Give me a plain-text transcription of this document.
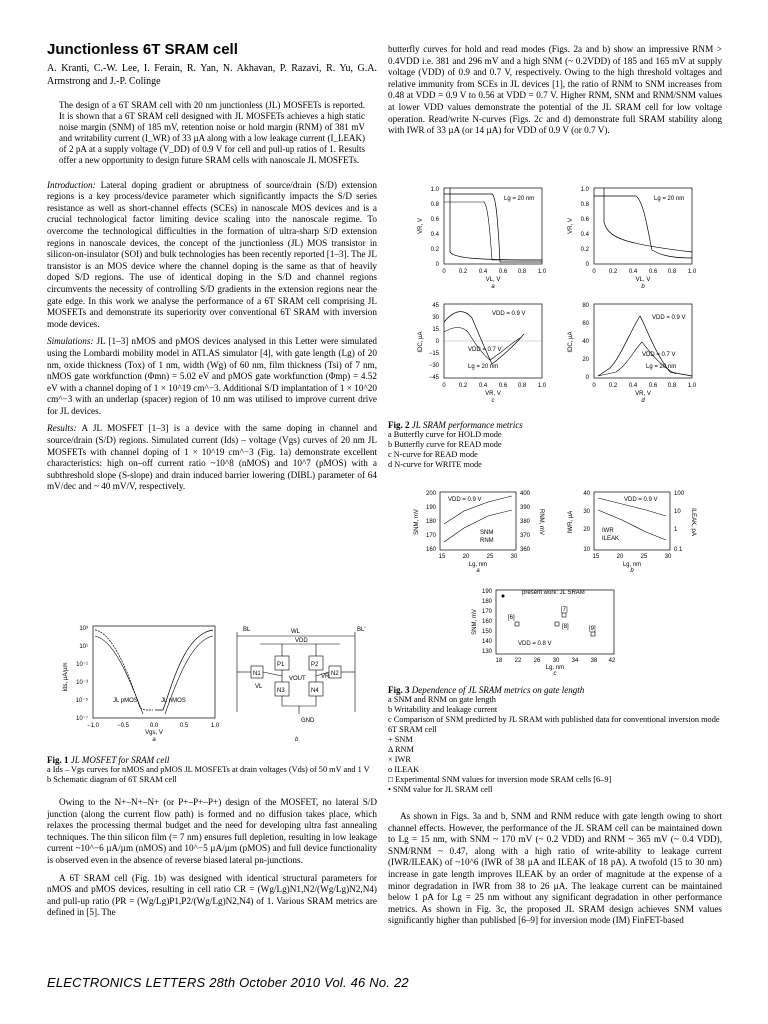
Junctionless 6T SRAM cell
A. Kranti, C.-W. Lee, I. Ferain, R. Yan, N. Akhavan, P. Razavi, R. Yu, G.A. Armstrong and J.-P. Colinge
The design of a 6T SRAM cell with 20 nm junctionless (JL) MOSFETs is reported. It is shown that a 6T SRAM cell designed with JL MOSFETs achieves a high static noise margin (SNM) of 185 mV, retention noise or hold margin (RNM) of 381 mV and writability current (I_WR) of 33 µA along with a low leakage current (I_LEAK) of 2 pA at a supply voltage (V_DD) of 0.9 V for cell and pull-up ratios of 1. Results offer a new opportunity to design future SRAM cells with nanoscale JL MOSFETs.

Introduction: Lateral doping gradient or abruptness of source/drain (S/D) extension regions is a key process/device parameter which significantly impacts the S/D series resistance as well as short-channel effects (SCEs) in nanoscale MOS devices and is a crucial technological factor limiting device scaling into the nanoscale regime. To overcome the technological difficulties in the formation of ultra-sharp S/D extension regions in nanoscale devices, the concept of the junctionless (JL) MOS transistor in silicon-on-insulator (SOI) and bulk technologies has been recently reported [1–3]. The JL transistor is an MOS device where the channel doping is the same as that of heavily doped S/D regions. The use of identical doping in the S/D and channel regions circumvents the necessity of controlling S/D gradients in the extension regions near the gate edge. In this work we analyse the performance of a 6T SRAM cell comprising JL MOSFETs and demonstrate its superiority over conventional 6T SRAM with inversion mode devices.

Simulations: JL [1–3] nMOS and pMOS devices analysed in this Letter were simulated using the Lombardi mobility model in ATLAS simulator [4], with gate length (Lg) of 20 nm, oxide thickness (Tox) of 1 nm, width (Wg) of 60 nm, film thickness (Tsi) of 7 nm, nMOS gate workfunction (Φmn) = 5.02 eV and pMOS gate workfunction (Φmp) = 4.52 eV with a channel doping of 1 × 10^19 cm^−3. Additional S/D implantation of 1 × 10^20 cm^−3 with an underlap (spacer) region of 10 nm was utilised to improve current drive for JL devices.

Results: A JL MOSFET [1–3] is a device with the same doping in channel and source/drain (S/D) regions. Simulated current (Ids) – voltage (Vgs) curves of 20 nm JL MOSFETs with channel doping of 1 × 10^19 cm^−3 (Fig. 1a) demonstrate excellent characteristics: high on–off current ratio ~10^8 (nMOS) and 10^7 (pMOS) with a subthreshold slope (S-slope) and drain induced barrier lowering (DIBL) parameter of 64 mV/dec and ~ 40 mV/V, respectively.

10³
10¹
10⁻¹
10⁻³
10⁻⁵
10⁻⁷
−1.0	−0.5	0.0	0.5	1.0
Ids, µA/µm
Vgs, V
a
JL pMOS	JL nMOS
BL	BL'
WL
VDD
P1	P2
N3	N4
N1	N2
VL
VR
VOUT
GND
b
Fig. 1 JL MOSFET for SRAM cell
a Ids – Vgs curves for nMOS and pMOS JL MOSFETs at drain voltages (Vds) of 50 mV and 1 V
b Schematic diagram of 6T SRAM cell

Owing to the N+–N+–N+ (or P+–P+–P+) design of the MOSFET, no lateral S/D junction (along the current flow path) is formed and no diffusion takes place, which relaxes the processing thermal budget and the need for developing ultra fast annealing techniques. The thin silicon film (= 7 nm) ensures full depletion, resulting in low leakage current ~10^−6 µA/µm (nMOS) and 10^−5 µA/µm (pMOS) and full device functionality is observed even in the absence of reverse biased lateral pn-junctions.

A 6T SRAM cell (Fig. 1b) was designed with identical structural parameters for nMOS and pMOS devices, resulting in cell ratio CR = (Wg/Lg)N1,N2/(Wg/Lg)N2,N4) and pull-up ratio (PR = (Wg/Lg)P1,P2/(Wg/Lg)N2,N4) of 1. Various SRAM metrics are defined in [5]. The

butterfly curves for hold and read modes (Figs. 2a and b) show an impressive RNM > 0.4VDD i.e. 381 and 296 mV and a high SNM (~ 0.2VDD) of 185 and 165 mV at supply voltage (VDD) of 0.9 and 0.7 V, respectively. Owing to the high threshold voltages and relative immunity from SCEs in JL devices [1], the ratio of RNM to SNM increases from 0.48 at VDD = 0.9 V to 0.56 at VDD = 0.7 V. Higher RNM, SNM and RNM/SNM values at lower VDD values demonstrate the potential of the JL SRAM cell for low voltage operation. Read/write N-curves (Figs. 2c and d) demonstrate full SRAM stability along with IWR of 33 µA (or 14 µA) for VDD of 0.9 V (or 0.7 V).

1.0
0.8
0.6
0.4
0.2
0
0 0.2 0.4 0.6 0.8 1.0
VR, V
VL, V
a
Lg = 20 nm
1.0
0.8
0.6
0.4
0.2
0
0 0.2 0.4 0.6 0.8 1.0
VR, V
VL, V
b
Lg = 20 nm
45
30
15
0
−15
−30
−45
0 0.2 0.4 0.6 0.8 1.0
IDC, µA
VR, V
c
VDD = 0.9 V
VDD = 0.7 V
Lg = 20 nm
80
60
40
20
0
0 0.2 0.4 0.6 0.8 1.0
IDC, µA
VR, V
d
VDD = 0.9 V
VDD = 0.7 V
Lg = 20 nm
Fig. 2 JL SRAM performance metrics
a Butterfly curve for HOLD mode
b Butterfly curve for READ mode
c N-curve for READ mode
d N-curve for WRITE mode
200
190
180
170
160
400
390
380
370
360
15	20	25	30
SNM, mV	RNM, mV
Lg, nm
a
VDD = 0.9 V
SNM
RNM
40
30
20
10
100
10
1
0.1
15	20	25	30
IWR, µA	ILEAK, pA
Lg, nm
b
VDD = 0.9 V
IWR
ILEAK
190
180
170
160
150
140
130
18 22 26 30 34 38 42
SNM, mV
Lg, nm
c
present work: JL SRAM
VDD = 0.8 V
[6]
[7]
[8]	[9]
Fig. 3 Dependence of JL SRAM metrics on gate length
a SNM and RNM on gate length
b Writability and leakage current
c Comparison of SNM predicted by JL SRAM with published data for conventional inversion mode 6T SRAM cell
+ SNM
Δ RNM
× IWR
o ILEAK
□ Experimental SNM values for inversion mode SRAM cells [6–9]
• SNM value for JL SRAM cell

As shown in Figs. 3a and b, SNM and RNM reduce with gate length owing to short channel effects. However, the performance of the JL SRAM cell can be maintained down to Lg = 15 nm, with SNM ~ 170 mV (~ 0.2 VDD) and RNM ~ 365 mV (~ 0.4 VDD), SNM/RNM ~ 0.47, along with a high ratio of write-ability to leakage current (IWR/ILEAK) of ~10^6 (IWR of 38 µA and ILEAK of 18 pA). A twofold (15 to 30 nm) increase in gate length improves ILEAK by an order of magnitude at the expense of a minor degradation in IWR from 38 to 26 µA. The leakage current can be maintained below 1 pA for Lg = 25 nm without any significant degradation in other performance metrics. As shown in Fig. 3c, the proposed JL SRAM design achieves SNM values significantly higher than published [6–9] for inversion mode (IM) FinFET-based

ELECTRONICS LETTERS 28th October 2010 Vol. 46 No. 22
